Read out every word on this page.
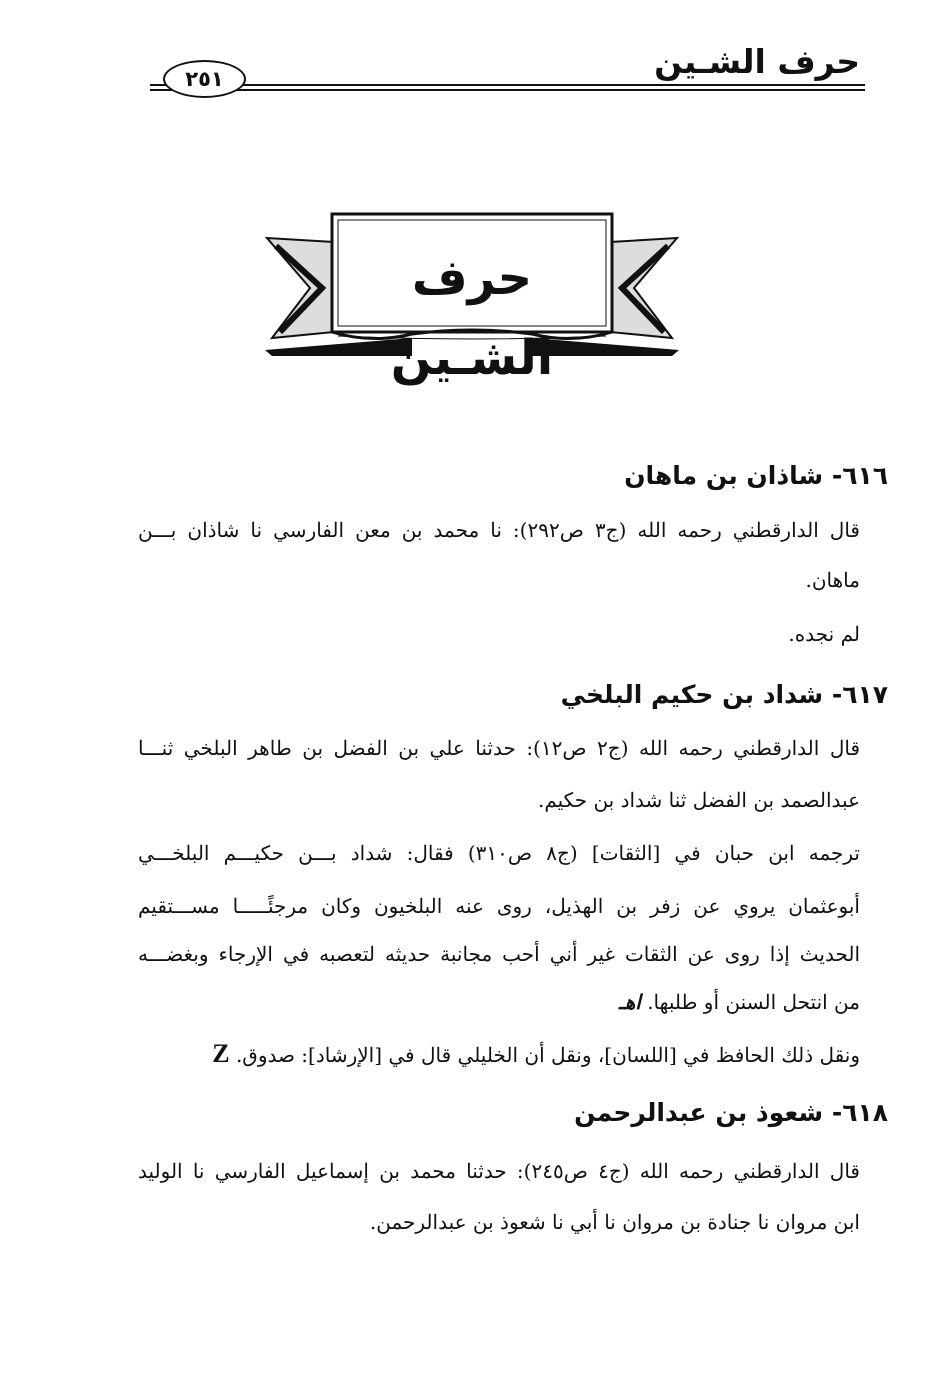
حرف الشـين
٢٥١
حرف الشـين
٦١٦- شاذان بن ماهان
قال الدارقطني رحمه الله (ج٣ ص٢٩٢): نا محمد بن معن الفارسي نا شاذان بـــن
ماهان.
لم نجده.
٦١٧- شداد بن حكيم البلخي
قال الدارقطني رحمه الله (ج٢ ص١٢): حدثنا علي بن الفضل بن طاهر البلخي ثنـــا
عبدالصمد بن الفضل ثنا شداد بن حكيم.
ترجمه ابن حبان في [الثقات] (ج٨ ص٣١٠) فقال: شداد بـــن حكيـــم البلخـــي
أبوعثمان يروي عن زفر بن الهذيل، روى عنه البلخيون وكان مرجئًـــــا مســـتقيم
الحديث إذا روى عن الثقات غير أني أحب مجانبة حديثه لتعصبه في الإرجاء وبغضـــه
من انتحل السنن أو طلبها. اهـ
ونقل ذلك الحافظ في [اللسان]، ونقل أن الخليلي قال في [الإرشاد]: صدوق. Z
٦١٨- شعوذ بن عبدالرحمن
قال الدارقطني رحمه الله (ج٤ ص٢٤٥): حدثنا محمد بن إسماعيل الفارسي نا الوليد
ابن مروان نا جنادة بن مروان نا أبي نا شعوذ بن عبدالرحمن.
